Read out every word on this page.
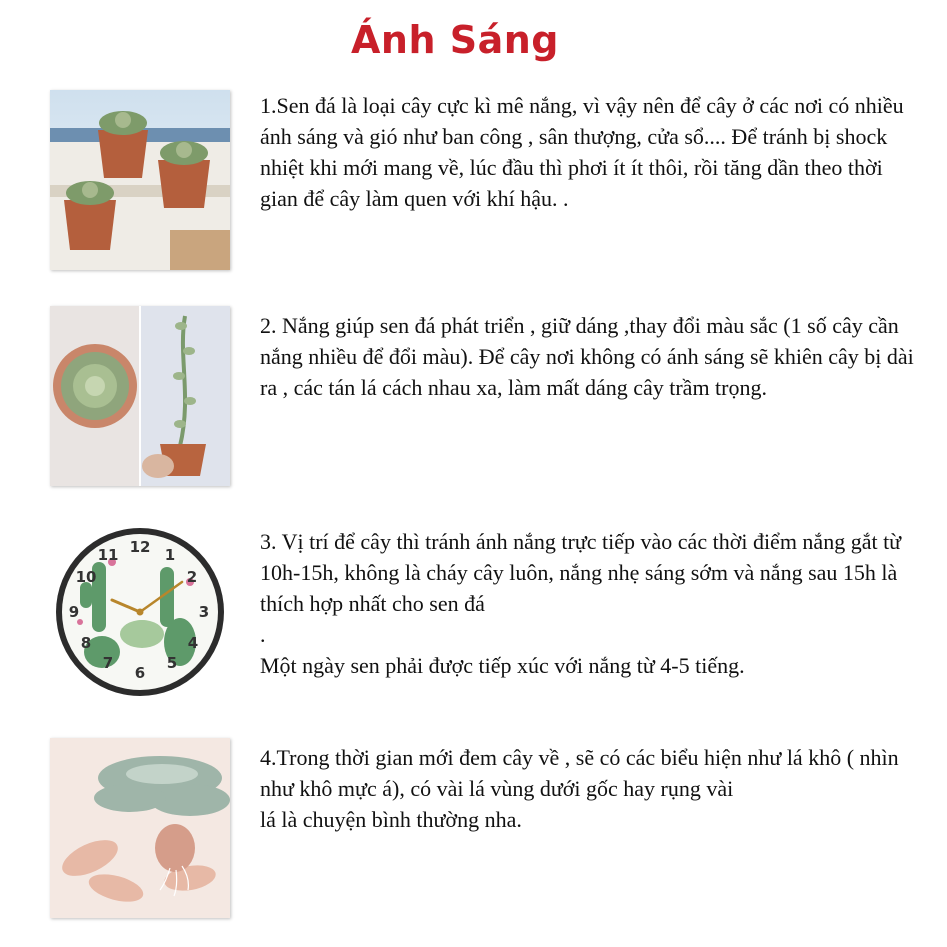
Ánh Sáng
1.Sen đá là loại cây cực kì mê nắng, vì vậy nên để cây ở các nơi có nhiều ánh sáng và gió như ban công , sân thượng, cửa sổ.... Để tránh bị shock nhiệt khi mới mang về, lúc đầu thì phơi ít ít thôi, rồi tăng dần theo thời gian để cây làm quen với khí hậu. .
2. Nắng giúp sen đá phát triển , giữ dáng ,thay đổi màu sắc (1 số cây cần nắng nhiều để đổi màu). Để cây nơi không có ánh sáng sẽ khiên cây bị dài ra , các tán lá cách nhau xa, làm mất dáng cây trầm trọng.
12 1
2
3
4
5
6
7
8
9
10
11
3. Vị trí để cây thì tránh ánh nắng trực tiếp vào các thời điểm nắng gắt từ 10h-15h, không là cháy cây luôn, nắng nhẹ sáng sớm và nắng sau 15h là thích hợp nhất cho sen đá
.
Một ngày sen phải được tiếp xúc với nắng từ 4-5 tiếng.
4.Trong thời gian mới đem cây về , sẽ có các biểu hiện như lá khô ( nhìn như khô mực á), có vài lá vùng dưới gốc hay rụng vài
lá là chuyện bình thường nha.
